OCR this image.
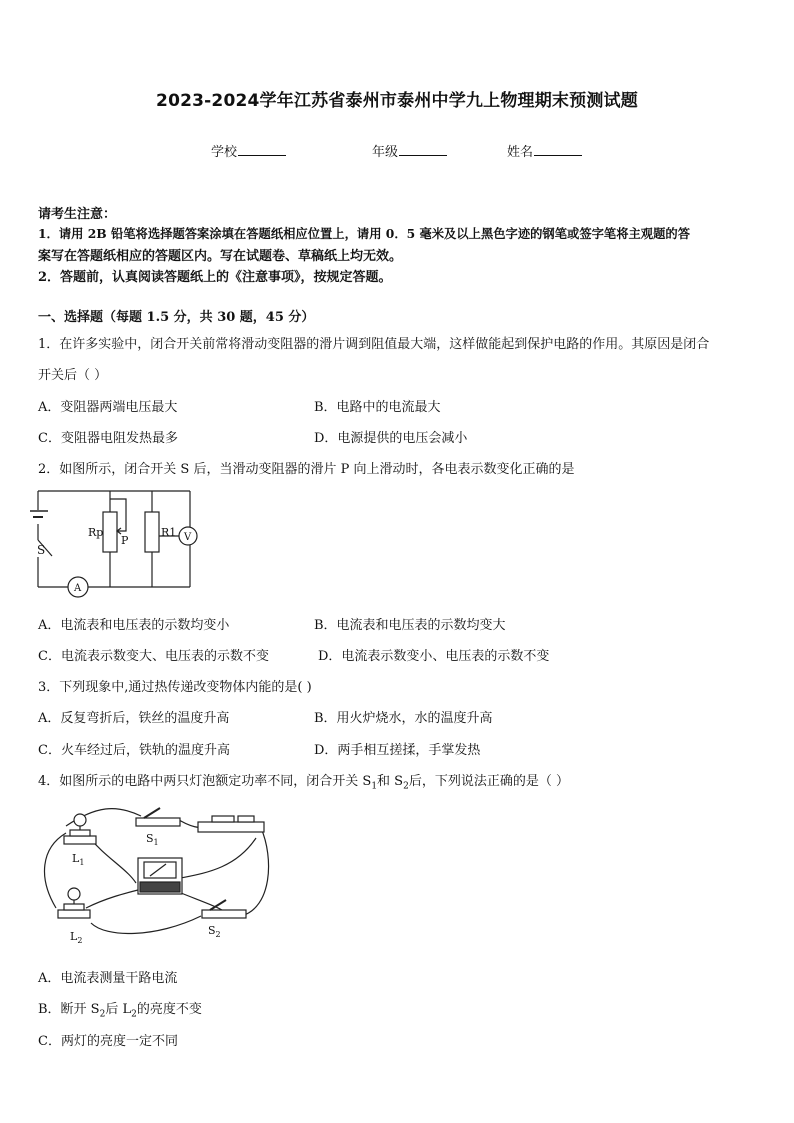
2023-2024学年江苏省泰州市泰州中学九上物理期末预测试题
学校	年级	姓名
请考生注意：
1．请用 2B 铅笔将选择题答案涂填在答题纸相应位置上，请用 0．5 毫米及以上黑色字迹的钢笔或签字笔将主观题的答
案写在答题纸相应的答题区内。写在试题卷、草稿纸上均无效。
2．答题前，认真阅读答题纸上的《注意事项》，按规定答题。
一、选择题（每题 1.5 分，共 30 题，45 分）
1．在许多实验中，闭合开关前常将滑动变阻器的滑片调到阻值最大端，这样做能起到保护电路的作用。其原因是闭合
开关后（ ）
A．变阻器两端电压最大	B．电路中的电流最大
C．变阻器电阻发热最多	D．电源提供的电压会减小
2．如图所示，闭合开关 S 后，当滑动变阻器的滑片 P 向上滑动时，各电表示数变化正确的是
Rp
P
R1 V
S
A
A．电流表和电压表的示数均变小	B．电流表和电压表的示数均变大
C．电流表示数变大、电压表的示数不变	D．电流表示数变小、电压表的示数不变
3．下列现象中,通过热传递改变物体内能的是( )
A．反复弯折后，铁丝的温度升高	B．用火炉烧水，水的温度升高
C．火车经过后，铁轨的温度升高	D．两手相互搓揉，手掌发热
4．如图所示的电路中两只灯泡额定功率不同，闭合开关 $S_1$和 $S_2$后，下列说法正确的是（ ）
$L_1$
$L_2$
$S_1$
$S_2$
A．电流表测量干路电流
B．断开 $S_2$后 $L_2$的亮度不变
C．两灯的亮度一定不同
